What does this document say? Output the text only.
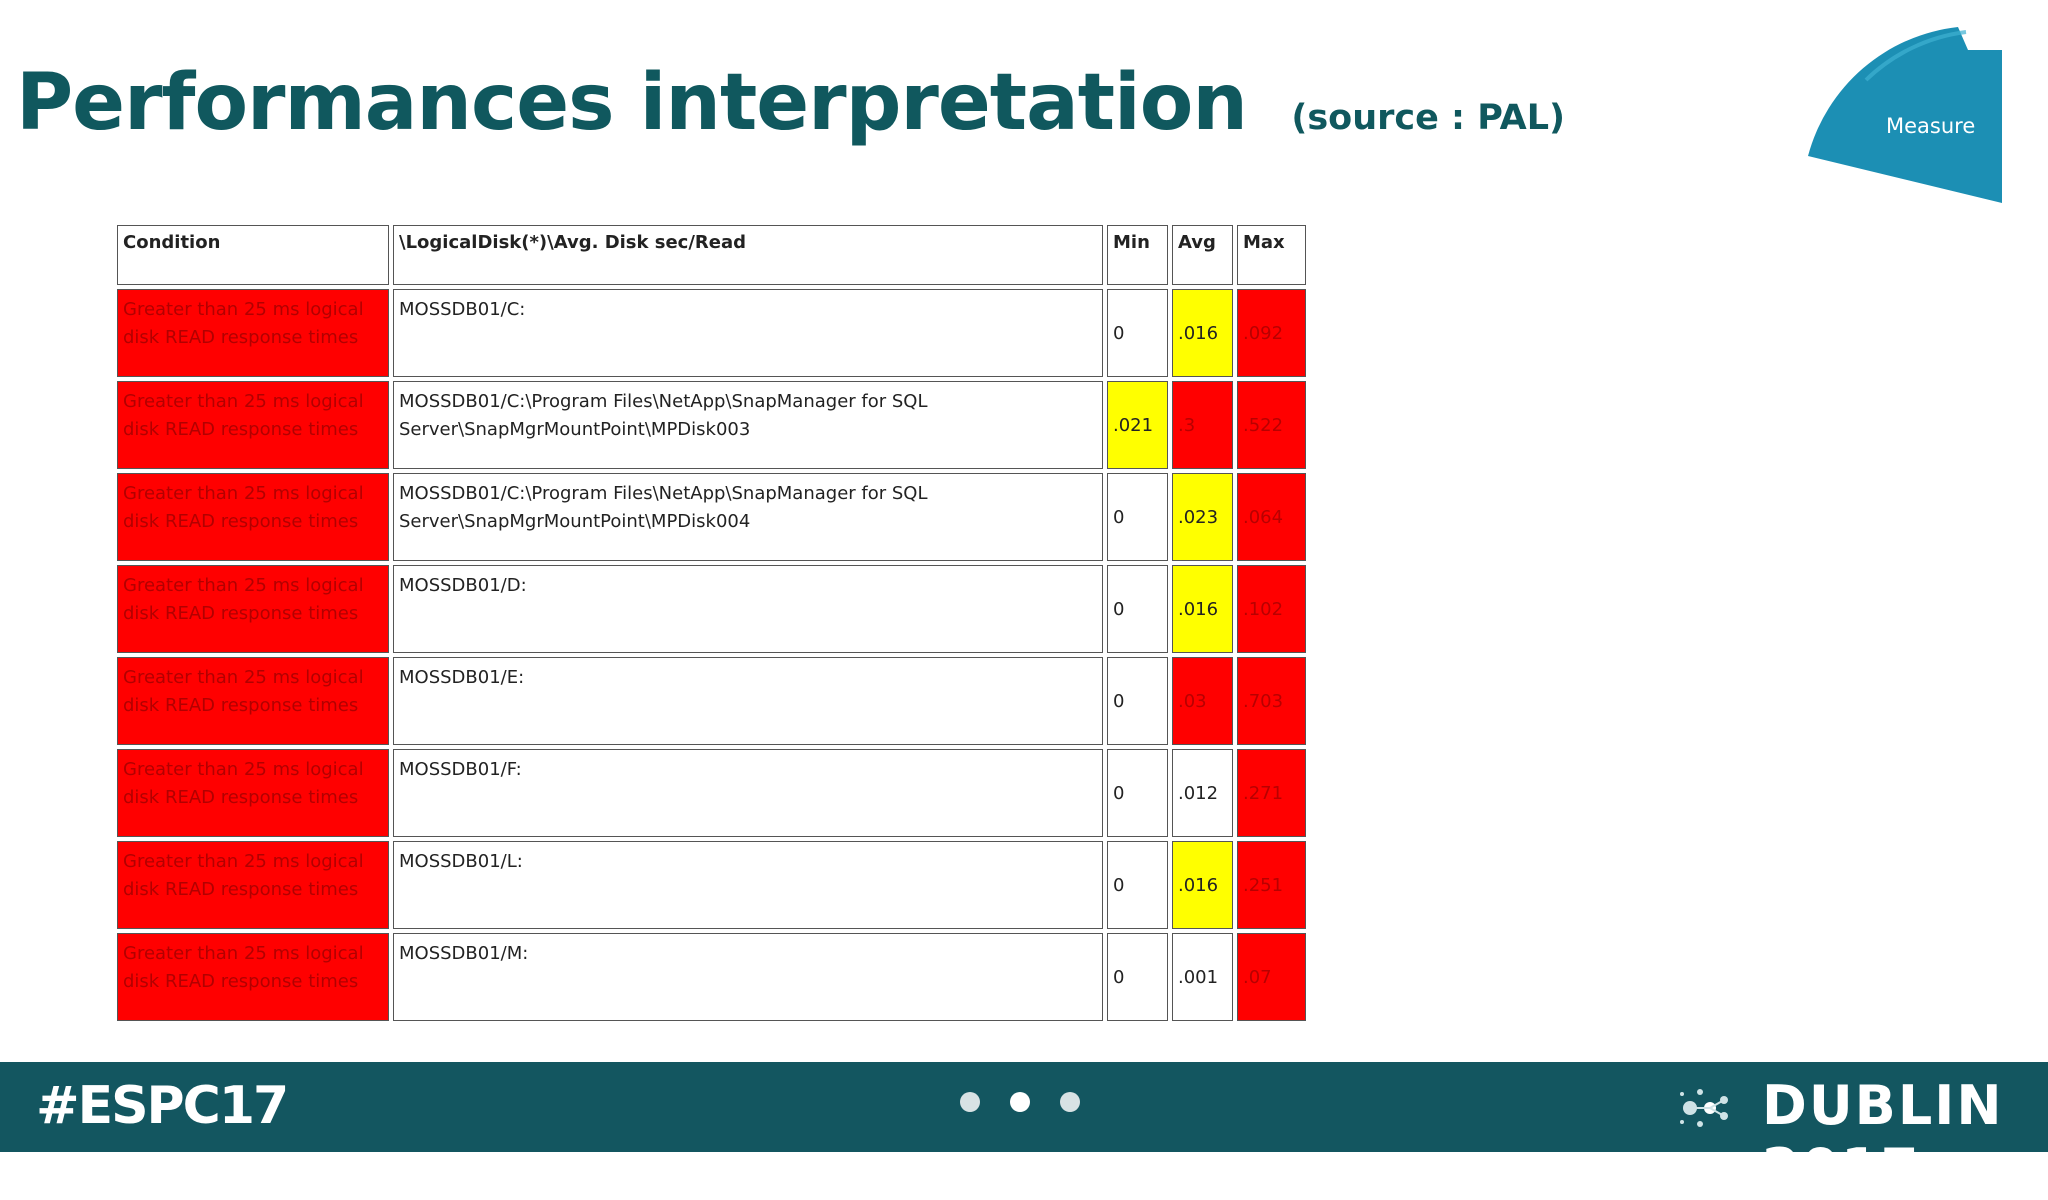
Performances interpretation (source : PAL)	Measure
Condition	\LogicalDisk(*)\Avg. Disk sec/Read	Min	Avg	Max
Greater than 25 ms logical disk READ response times	MOSSDB01/C:	0	.016	.092
Greater than 25 ms logical disk READ response times	MOSSDB01/C:\Program Files\NetApp\SnapManager for SQL Server\SnapMgrMountPoint\MPDisk003	.021	.3	.522
Greater than 25 ms logical disk READ response times	MOSSDB01/C:\Program Files\NetApp\SnapManager for SQL Server\SnapMgrMountPoint\MPDisk004	0	.023	.064
Greater than 25 ms logical disk READ response times	MOSSDB01/D:	0	.016	.102
Greater than 25 ms logical disk READ response times	MOSSDB01/E:	0	.03	.703
Greater than 25 ms logical disk READ response times	MOSSDB01/F:	0	.012	.271
Greater than 25 ms logical disk READ response times	MOSSDB01/L:	0	.016	.251
Greater than 25 ms logical disk READ response times	MOSSDB01/M:	0	.001	.07
#ESPC17	DUBLIN 2017
